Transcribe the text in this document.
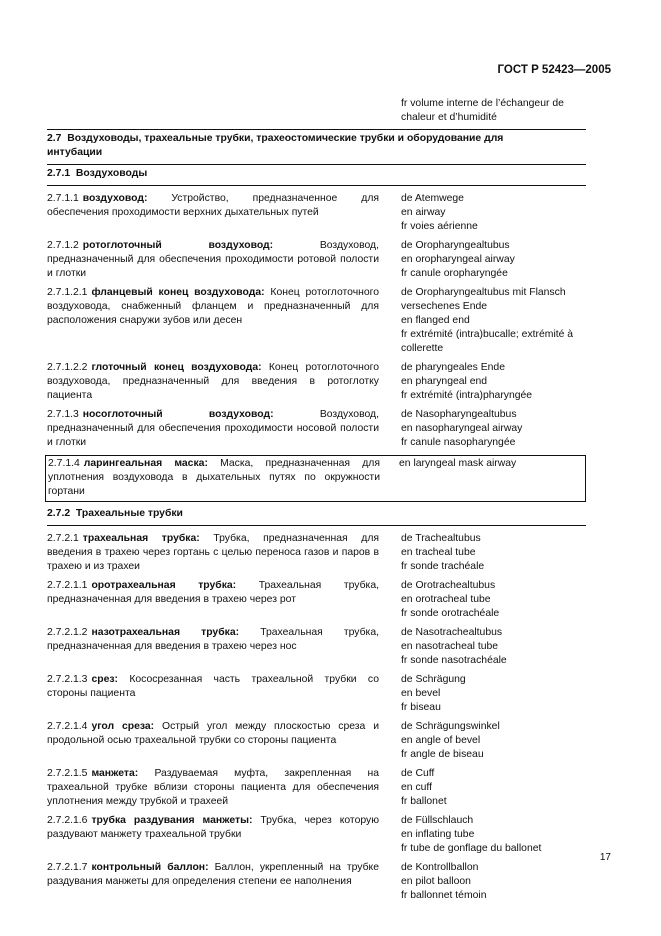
ГОСТ Р 52423—2005
fr volume interne de l’échangeur de
chaleur et d’humidité
2.7 Воздуховоды, трахеальные трубки, трахеостомические трубки и оборудование для интубации
2.7.1 Воздуховоды
2.7.1.1 воздуховод: Устройство, предназначенное для обеспечения проходимости верхних дыхательных путей
de Atemwege
en airway
fr voies aérienne
2.7.1.2 ротоглоточный воздуховод:	Воздуховод, предназначенный для обеспечения проходимости ротовой полости и глотки
de Oropharyngealtubus
en oropharyngeal airway
fr canule oropharyngée
2.7.1.2.1 фланцевый конец воздуховода: Конец ротоглоточного воздуховода, снабженный фланцем и предназначенный для расположения снаружи зубов или десен
de Oropharyngealtubus mit Flansch
versechenes Ende
en flanged end
fr extrémité (intra)bucalle; extrémité à collerette
2.7.1.2.2 глоточный конец воздуховода: Конец ротоглоточного воздуховода, предназначенный для введения в ротоглотку пациента
de pharyngeales Ende
en pharyngeal end
fr extrémité (intra)pharyngée
2.7.1.3 носоглоточный воздуховод:	Воздуховод, предназначенный для обеспечения проходимости носовой полости и глотки
de Nasopharyngealtubus
en nasopharyngeal airway
fr canule nasopharyngée
2.7.1.4 ларингеальная маска: Маска, предназначенная для уплотнения воздуховода в дыхательных путях по окружности гортани
en laryngeal mask airway
2.7.2 Трахеальные трубки
2.7.2.1 трахеальная трубка: Трубка, предназначенная для введения в трахею через гортань с целью переноса газов и паров в трахею и из трахеи
de Trachealtubus
en tracheal tube
fr sonde trachéale
2.7.2.1.1 оротрахеальная трубка: Трахеальная трубка, предназначенная для введения в трахею через рот
de Orotrachealtubus
en orotracheal tube
fr sonde orotrachéale
2.7.2.1.2 назотрахеальная трубка: Трахеальная трубка, предназначенная для введения в трахею через нос
de Nasotrachealtubus
en nasotracheal tube
fr sonde nasotrachéale
2.7.2.1.3 срез: Кососрезанная часть трахеальной трубки со стороны пациента
de Schrägung
en bevel
fr biseau
2.7.2.1.4 угол среза: Острый угол между плоскостью среза и продольной осью трахеальной трубки со стороны пациента
de Schrägungswinkel
en angle of bevel
fr angle de biseau
2.7.2.1.5 манжета: Раздуваемая муфта, закрепленная на трахеальной трубке вблизи стороны пациента для обеспечения уплотнения между трубкой и трахеей
de Cuff
en cuff
fr ballonet
2.7.2.1.6 трубка раздувания манжеты: Трубка, через которую раздувают манжету трахеальной трубки
de Füllschlauch
en inflating tube
fr tube de gonflage du ballonet
2.7.2.1.7 контрольный баллон: Баллон, укрепленный на трубке раздувания манжеты для определения степени ее наполнения
de Kontrollballon
en pilot balloon
fr ballonnet témoin
17
